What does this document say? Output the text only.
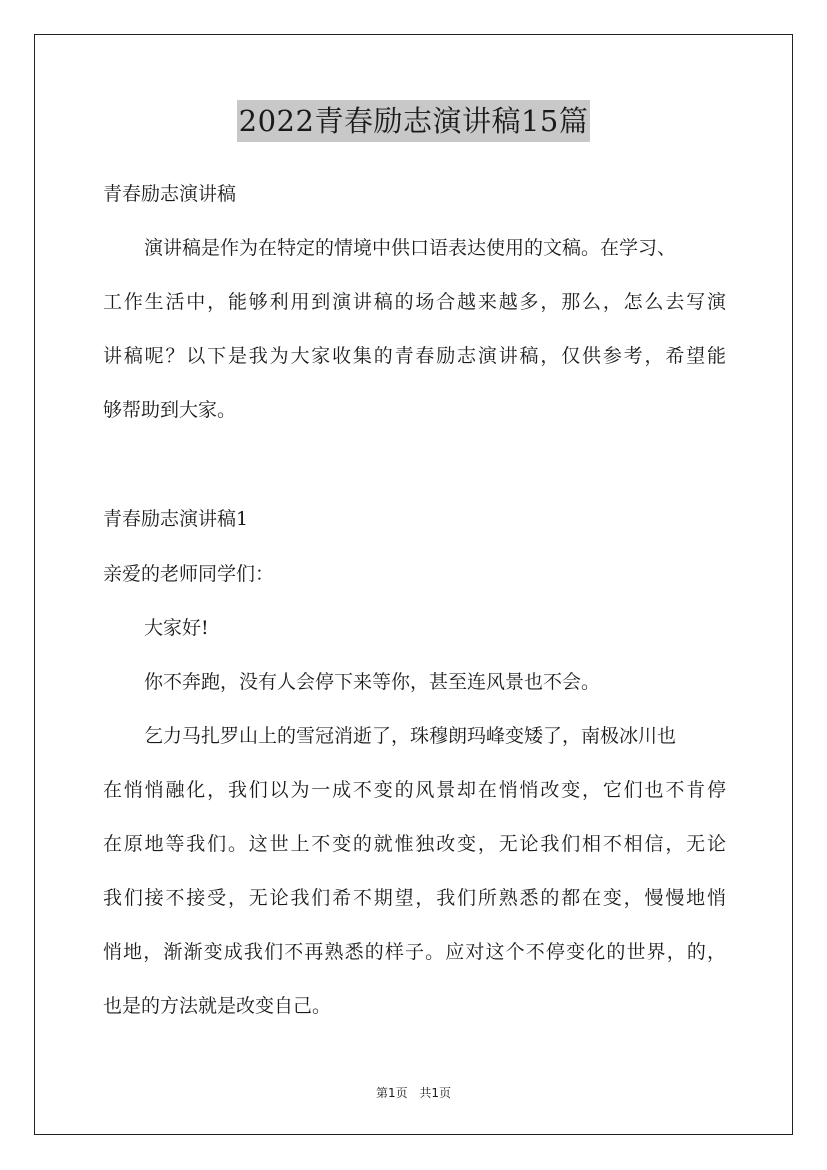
2022青春励志演讲稿15篇
青春励志演讲稿
演讲稿是作为在特定的情境中供口语表达使用的文稿。在学习、
工作生活中，能够利用到演讲稿的场合越来越多，那么，怎么去写演
讲稿呢？以下是我为大家收集的青春励志演讲稿，仅供参考，希望能
够帮助到大家。
青春励志演讲稿1
亲爱的老师同学们：
大家好!
你不奔跑，没有人会停下来等你，甚至连风景也不会。
乞力马扎罗山上的雪冠消逝了，珠穆朗玛峰变矮了，南极冰川也
在悄悄融化，我们以为一成不变的风景却在悄悄改变，它们也不肯停
在原地等我们。这世上不变的就惟独改变，无论我们相不相信，无论
我们接不接受，无论我们希不期望，我们所熟悉的都在变，慢慢地悄
悄地，渐渐变成我们不再熟悉的样子。应对这个不停变化的世界，的，
也是的方法就是改变自己。
第1页 共1页
